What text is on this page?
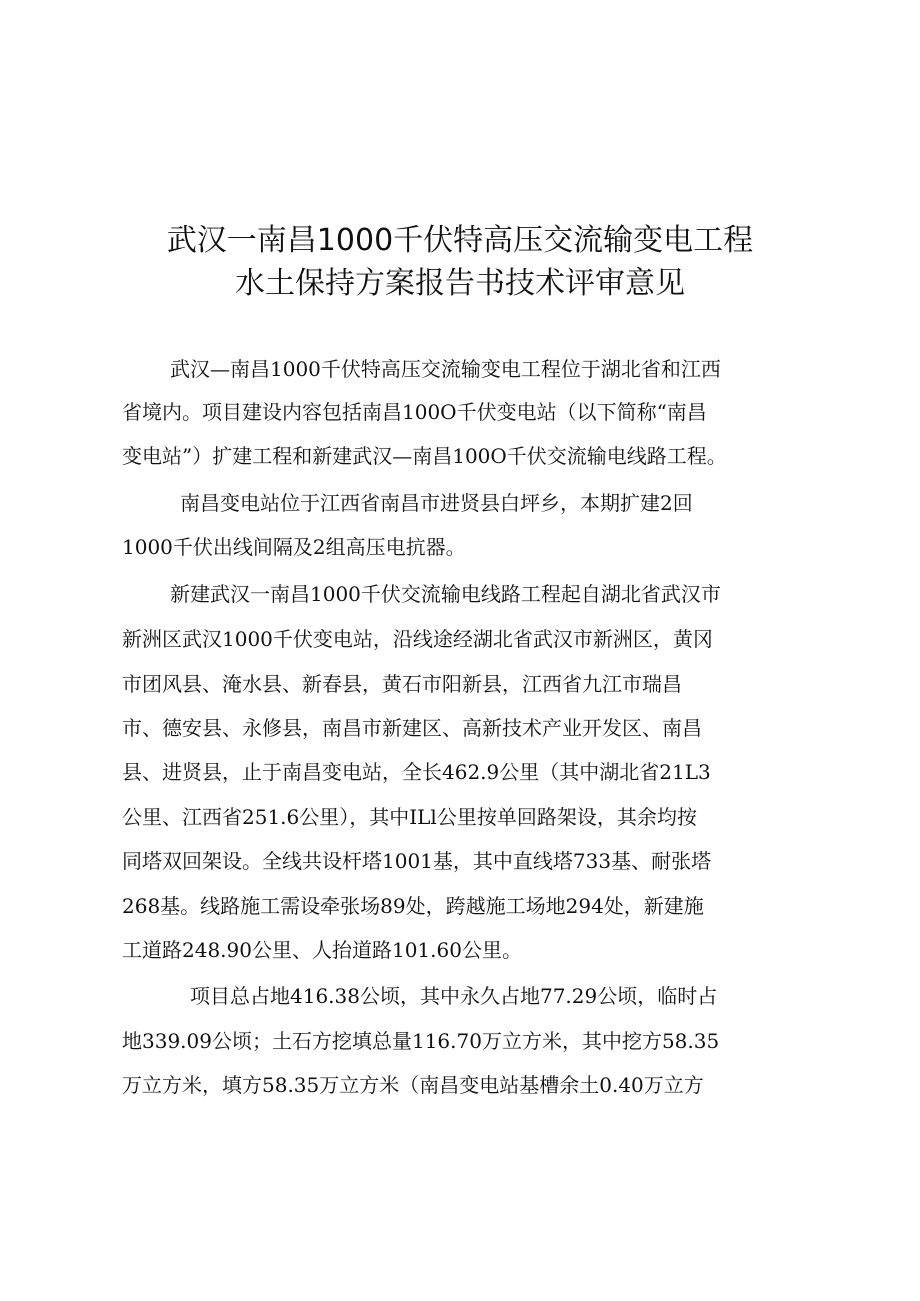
武汉一南昌1000千伏特高压交流输变电工程
水土保持方案报告书技术评审意见

武汉—南昌1000千伏特高压交流输变电工程位于湖北省和江西

省境内。项目建设内容包括南昌100O千伏变电站（以下简称“南昌

变电站”）扩建工程和新建武汉—南昌100O千伏交流输电线路工程。

南昌变电站位于江西省南昌市进贤县白坪乡，本期扩建2回

1000千伏出线间隔及2组高压电抗器。

新建武汉一南昌1000千伏交流输电线路工程起自湖北省武汉市

新洲区武汉1000千伏变电站，沿线途经湖北省武汉市新洲区，黄冈

市团风县、淹水县、新春县，黄石市阳新县，江西省九江市瑞昌

市、德安县、永修县，南昌市新建区、高新技术产业开发区、南昌

县、进贤县，止于南昌变电站，全长462.9公里（其中湖北省21L3

公里、江西省251.6公里），其中ILl公里按单回路架设，其余均按

同塔双回架设。全线共设杆塔1001基，其中直线塔733基、耐张塔

268基。线路施工需设牵张场89处，跨越施工场地294处，新建施

工道路248.90公里、人抬道路101.60公里。

项目总占地416.38公顷，其中永久占地77.29公顷，临时占

地339.09公顷；土石方挖填总量116.70万立方米，其中挖方58.35

万立方米，填方58.35万立方米（南昌变电站基槽余土0.40万立方
